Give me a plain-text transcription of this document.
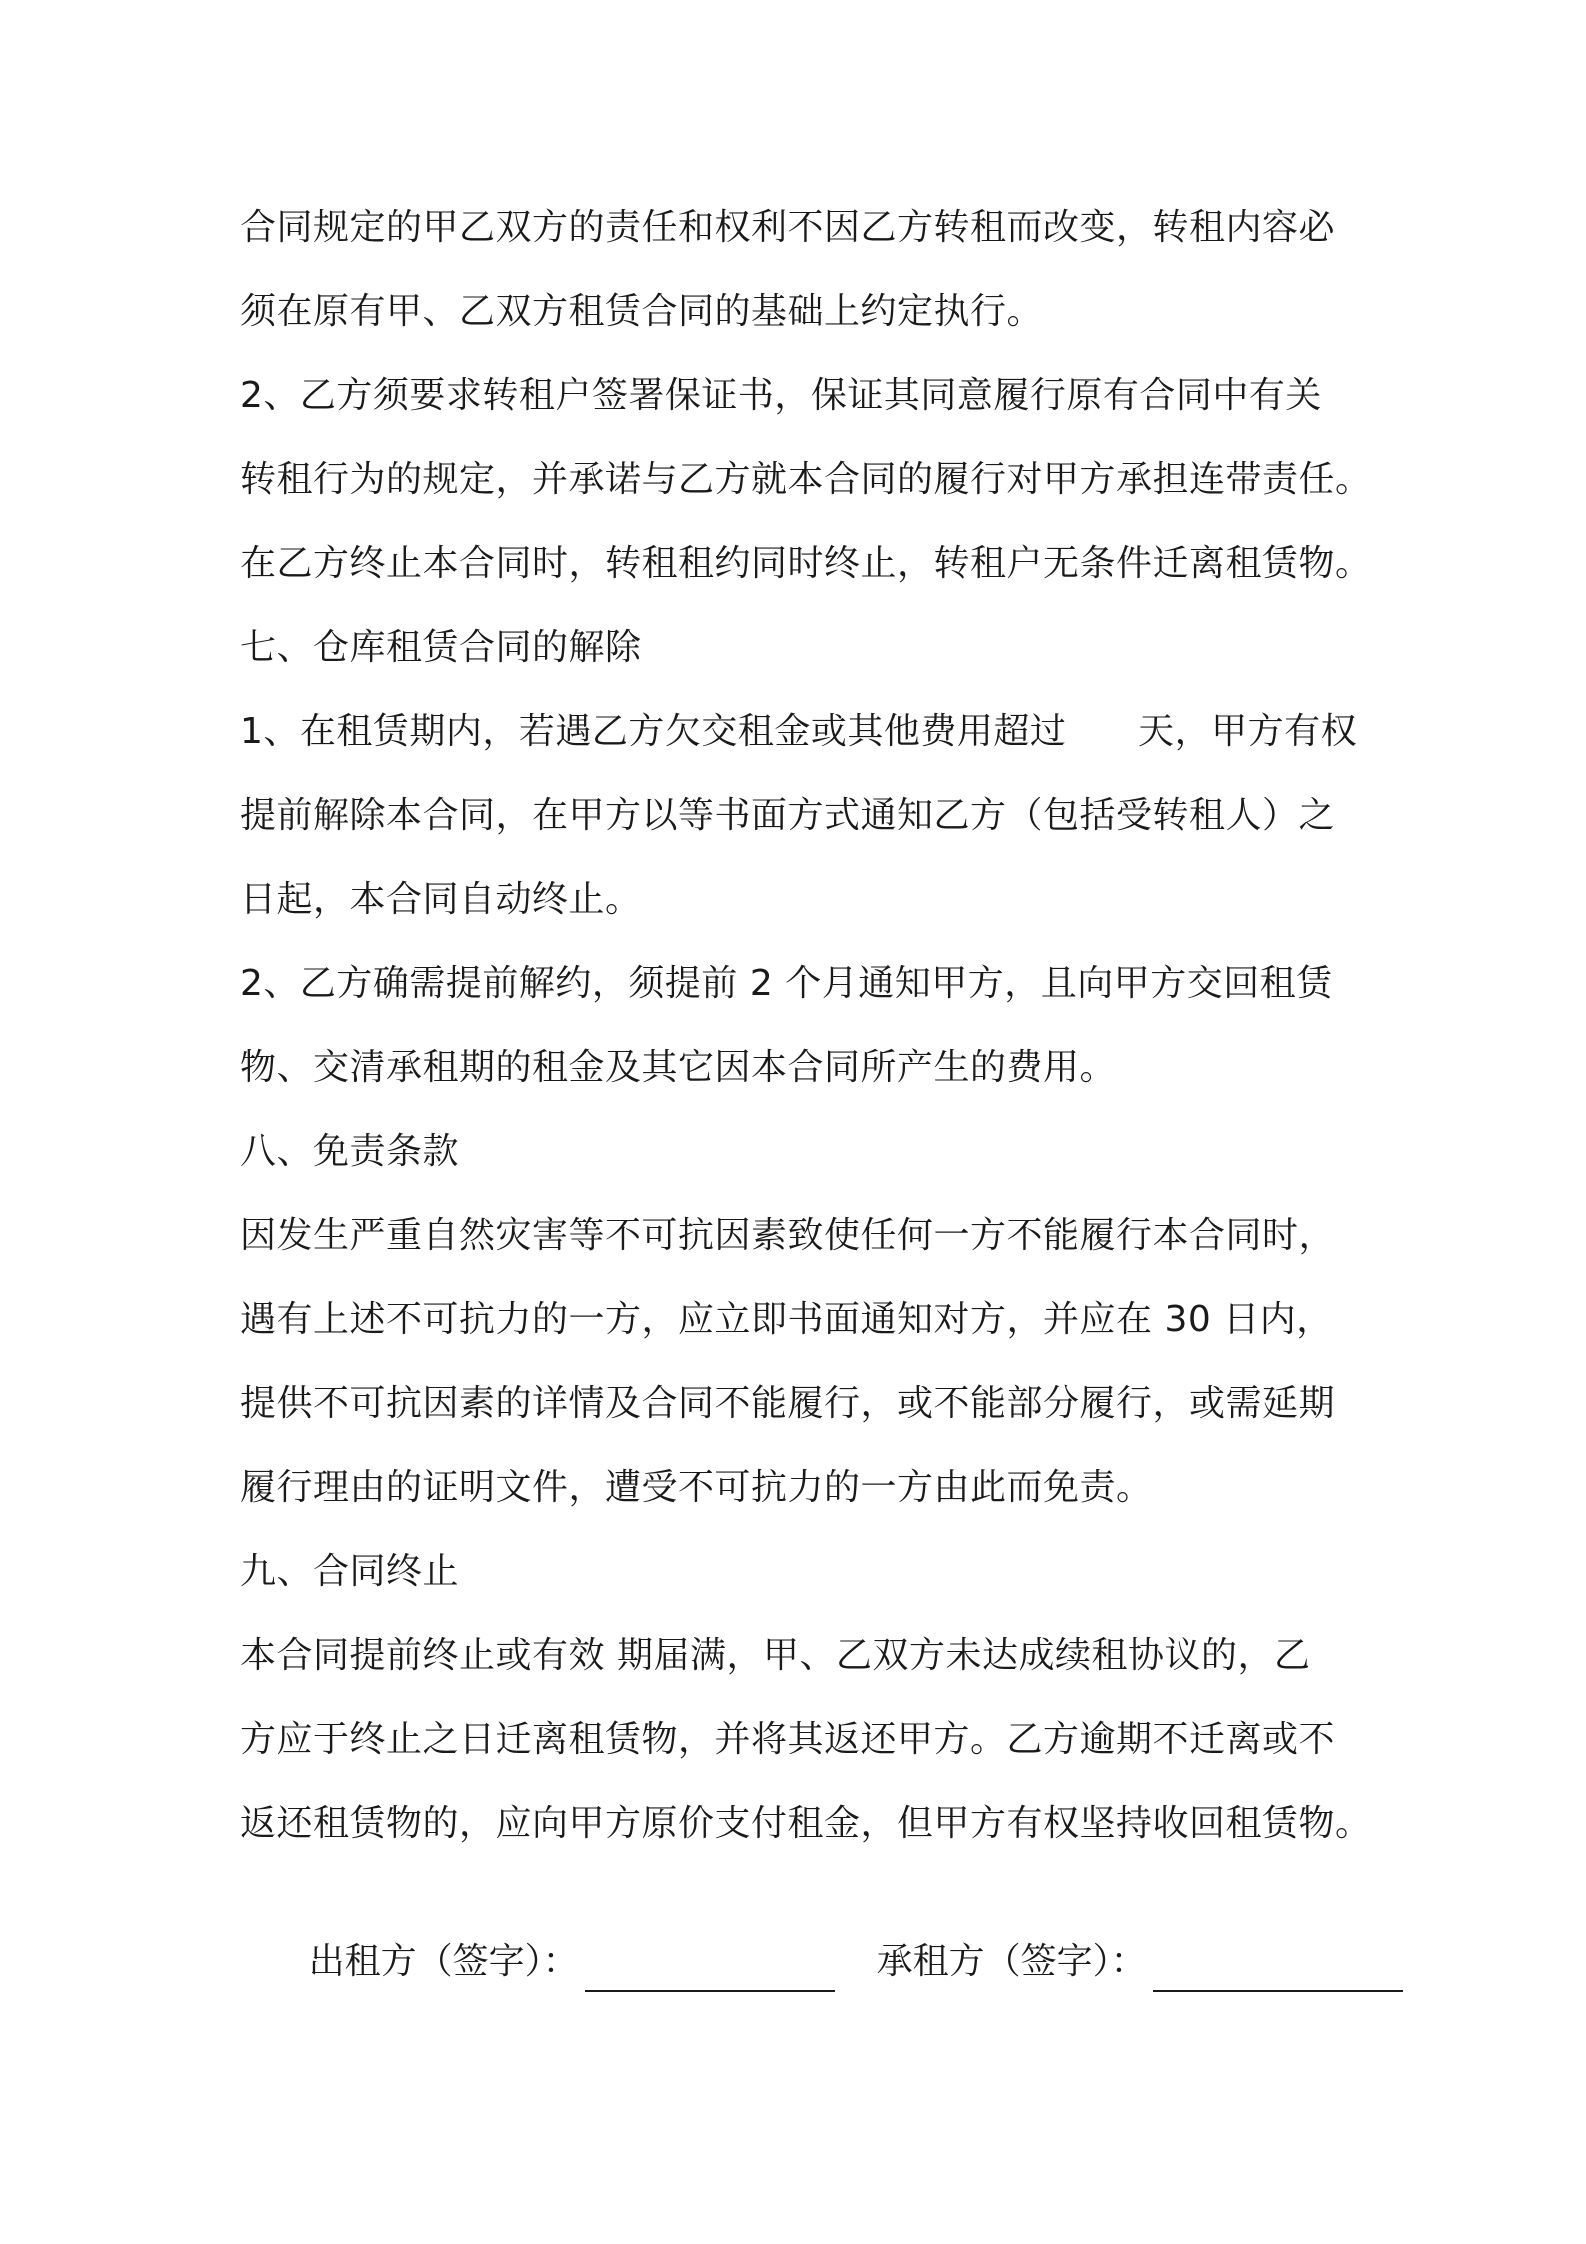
合同规定的甲乙双方的责任和权利不因乙方转租而改变，转租内容必
须在原有甲、乙双方租赁合同的基础上约定执行。
2、乙方须要求转租户签署保证书，保证其同意履行原有合同中有关
转租行为的规定，并承诺与乙方就本合同的履行对甲方承担连带责任。
在乙方终止本合同时，转租租约同时终止，转租户无条件迁离租赁物。
七、仓库租赁合同的解除
1、在租赁期内，若遇乙方欠交租金或其他费用超过      天，甲方有权
提前解除本合同，在甲方以等书面方式通知乙方（包括受转租人）之
日起，本合同自动终止。
2、乙方确需提前解约，须提前 2 个月通知甲方，且向甲方交回租赁
物、交清承租期的租金及其它因本合同所产生的费用。
八、免责条款
因发生严重自然灾害等不可抗因素致使任何一方不能履行本合同时，
遇有上述不可抗力的一方，应立即书面通知对方，并应在 30 日内，
提供不可抗因素的详情及合同不能履行，或不能部分履行，或需延期
履行理由的证明文件，遭受不可抗力的一方由此而免责。
九、合同终止
本合同提前终止或有效 期届满，甲、乙双方未达成续租协议的，乙
方应于终止之日迁离租赁物，并将其返还甲方。乙方逾期不迁离或不
返还租赁物的，应向甲方原价支付租金，但甲方有权坚持收回租赁物。

出租方（签字）：

	承租方（签字）：
